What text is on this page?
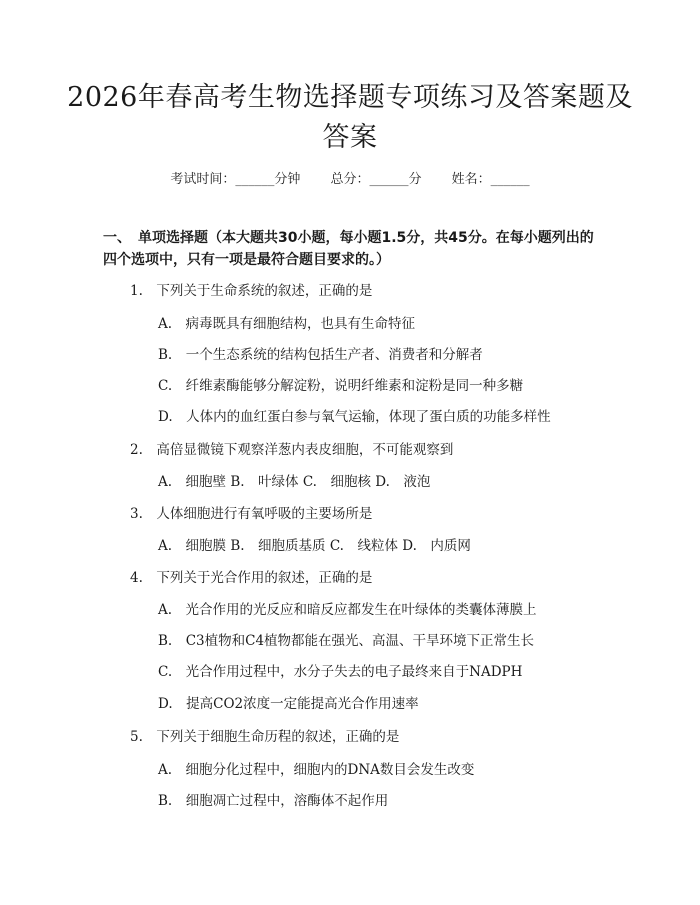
2026年春高考生物选择题专项练习及答案题及答案
考试时间：______分钟 总分：______分 姓名：______
一、　单项选择题（本大题共30小题，每小题1.5分，共45分。在每小题列出的四个选项中，只有一项是最符合题目要求的。）
1.　下列关于生命系统的叙述，正确的是
A.　病毒既具有细胞结构，也具有生命特征
B.　一个生态系统的结构包括生产者、消费者和分解者
C.　纤维素酶能够分解淀粉，说明纤维素和淀粉是同一种多糖
D.　人体内的血红蛋白参与氧气运输，体现了蛋白质的功能多样性
2.　高倍显微镜下观察洋葱内表皮细胞，不可能观察到
A.　细胞壁 B.　叶绿体 C.　细胞核 D.　液泡
3.　人体细胞进行有氧呼吸的主要场所是
A.　细胞膜 B.　细胞质基质 C.　线粒体 D.　内质网
4.　下列关于光合作用的叙述，正确的是
A.　光合作用的光反应和暗反应都发生在叶绿体的类囊体薄膜上
B.　C3植物和C4植物都能在强光、高温、干旱环境下正常生长
C.　光合作用过程中，水分子失去的电子最终来自于NADPH
D.　提高CO2浓度一定能提高光合作用速率
5.　下列关于细胞生命历程的叙述，正确的是
A.　细胞分化过程中，细胞内的DNA数目会发生改变
B.　细胞凋亡过程中，溶酶体不起作用
